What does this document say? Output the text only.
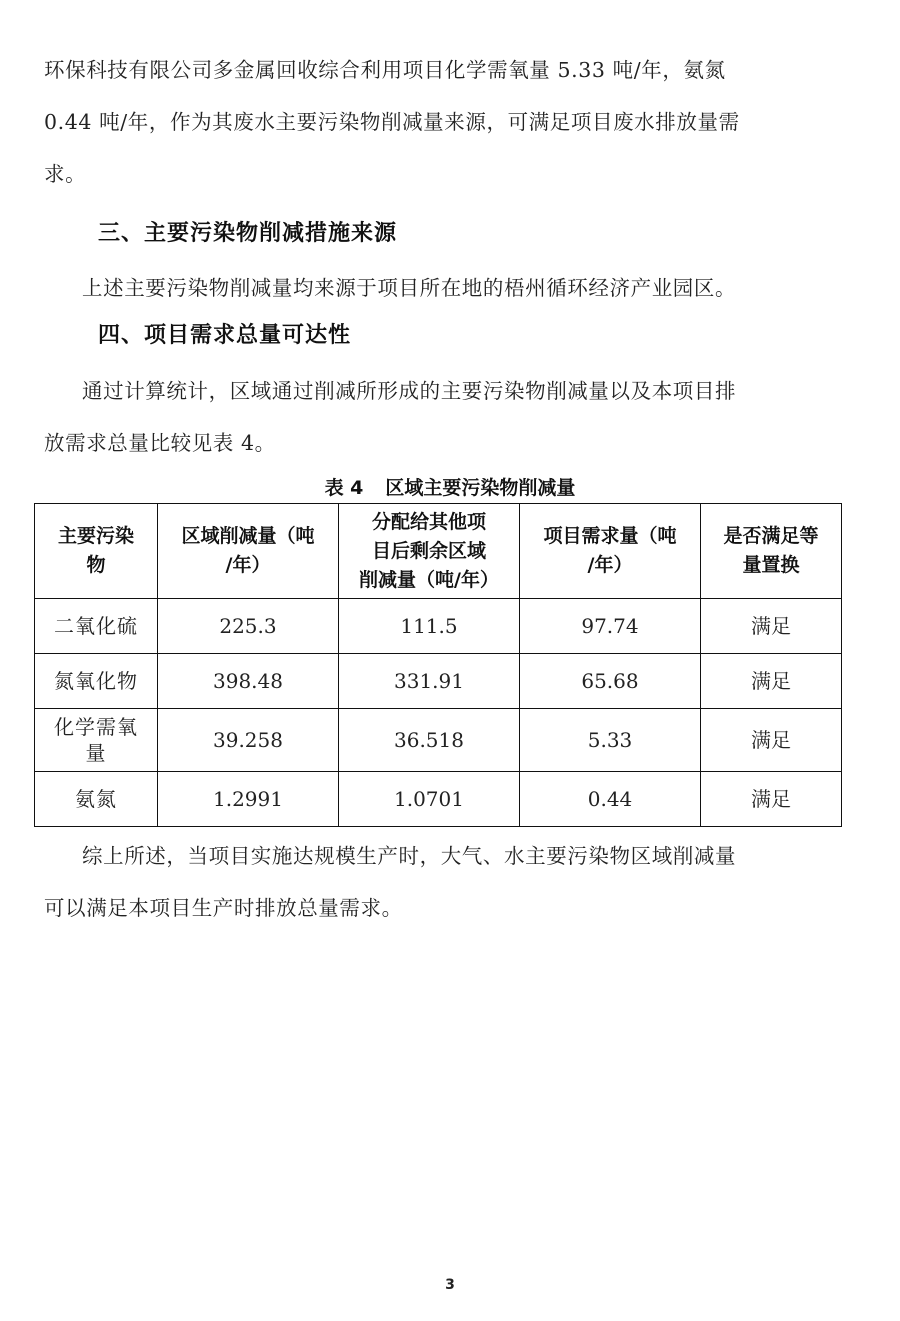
环保科技有限公司多金属回收综合利用项目化学需氧量 5.33 吨/年，氨氮
0.44 吨/年，作为其废水主要污染物削减量来源，可满足项目废水排放量需
求。

三、主要污染物削减措施来源

上述主要污染物削减量均来源于项目所在地的梧州循环经济产业园区。

四、项目需求总量可达性

通过计算统计，区域通过削减所形成的主要污染物削减量以及本项目排
放需求总量比较见表 4。

表 4 区域主要污染物削减量

主要污染
物	区域削减量（吨
/年）	分配给其他项
目后剩余区域
削减量（吨/年）	项目需求量（吨
/年）	是否满足等
量置换
二氧化硫	225.3	111.5	97.74	满足
氮氧化物	398.48	331.91	65.68	满足
化学需氧
量	39.258	36.518	5.33	满足
氨氮	1.2991	1.0701	0.44	满足

综上所述，当项目实施达规模生产时，大气、水主要污染物区域削减量
可以满足本项目生产时排放总量需求。

3
